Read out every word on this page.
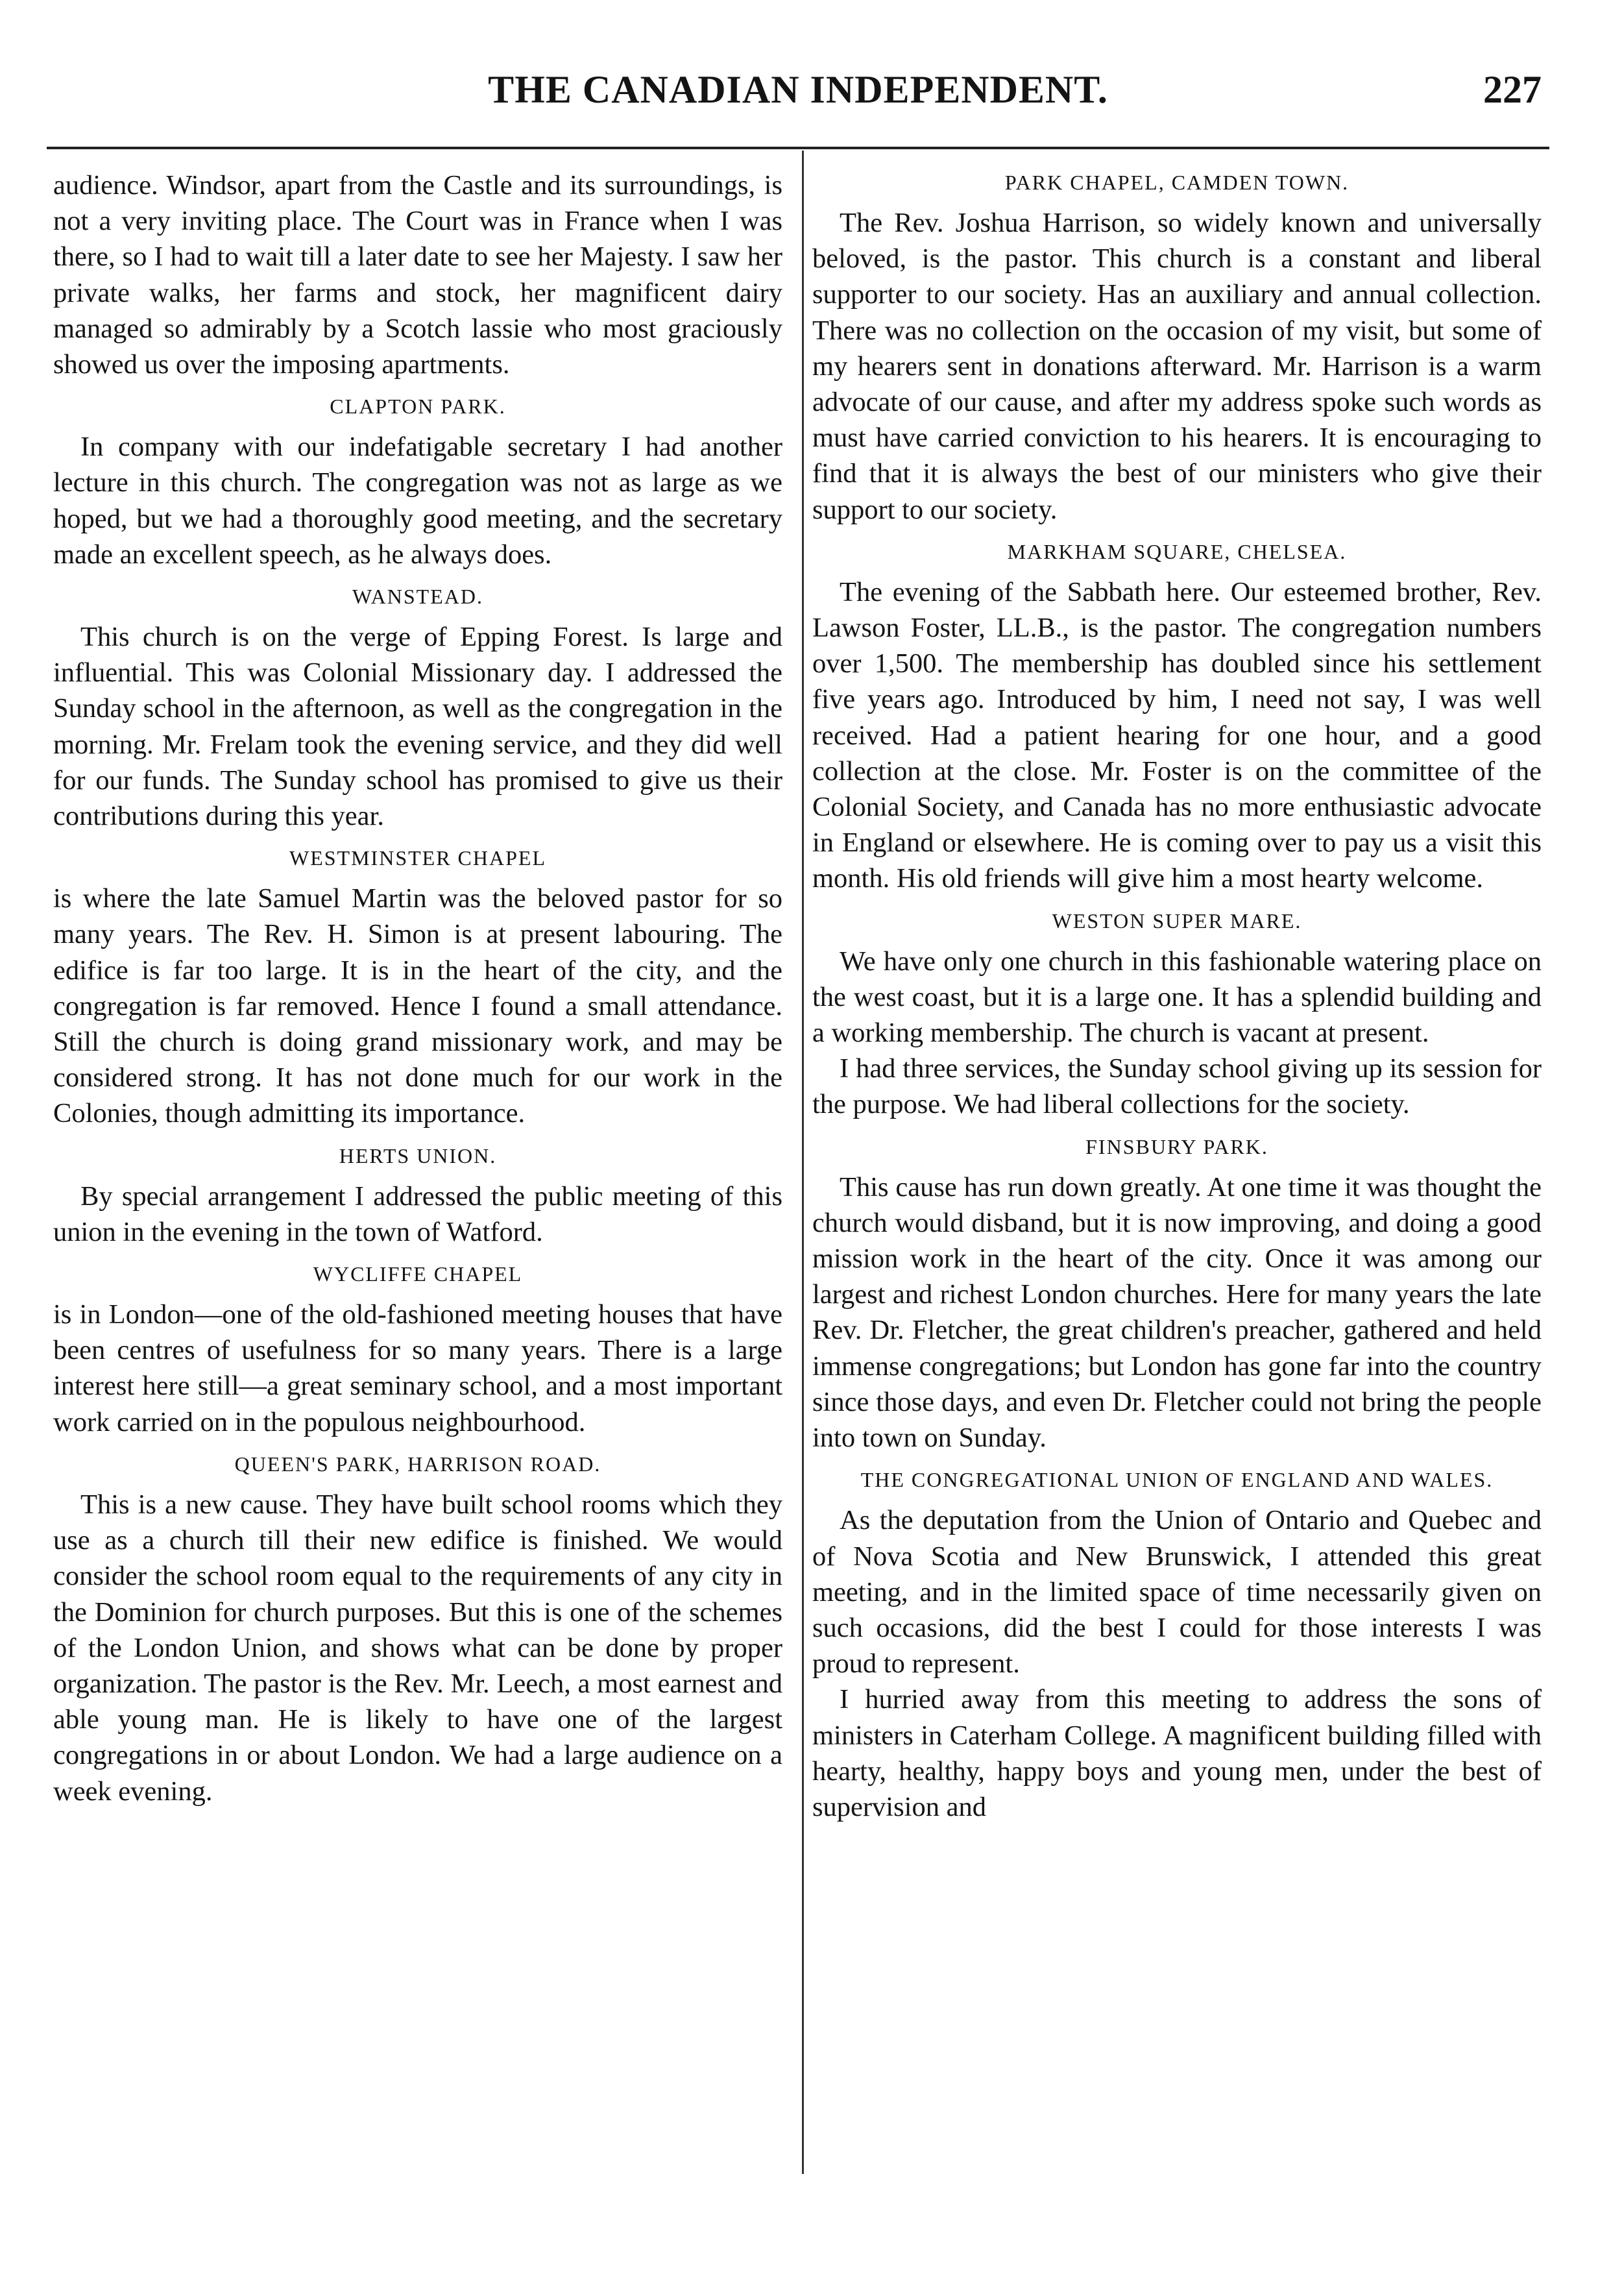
THE CANADIAN INDEPENDENT.	227

audience. Windsor, apart from the Castle and its surroundings, is not a very inviting place. The Court was in France when I was there, so I had to wait till a later date to see her Majesty. I saw her private walks, her farms and stock, her magnificent dairy managed so admirably by a Scotch lassie who most graciously showed us over the imposing apartments.

CLAPTON PARK.

In company with our indefatigable secretary I had another lecture in this church. The congregation was not as large as we hoped, but we had a thoroughly good meeting, and the secretary made an excellent speech, as he always does.

WANSTEAD.

This church is on the verge of Epping Forest. Is large and influential. This was Colonial Missionary day. I addressed the Sunday school in the afternoon, as well as the congregation in the morning. Mr. Frelam took the evening service, and they did well for our funds. The Sunday school has promised to give us their contributions during this year.

WESTMINSTER CHAPEL

is where the late Samuel Martin was the beloved pastor for so many years. The Rev. H. Simon is at present labouring. The edifice is far too large. It is in the heart of the city, and the congregation is far removed. Hence I found a small attendance. Still the church is doing grand missionary work, and may be considered strong. It has not done much for our work in the Colonies, though admitting its importance.

HERTS UNION.

By special arrangement I addressed the public meeting of this union in the evening in the town of Watford.

WYCLIFFE CHAPEL

is in London—one of the old-fashioned meeting houses that have been centres of usefulness for so many years. There is a large interest here still—a great seminary school, and a most important work carried on in the populous neighbourhood.

QUEEN'S PARK, HARRISON ROAD.

This is a new cause. They have built school rooms which they use as a church till their new edifice is finished. We would consider the school room equal to the requirements of any city in the Dominion for church purposes. But this is one of the schemes of the London Union, and shows what can be done by proper organization. The pastor is the Rev. Mr. Leech, a most earnest and able young man. He is likely to have one of the largest congregations in or about London. We had a large audience on a week evening.

PARK CHAPEL, CAMDEN TOWN.

The Rev. Joshua Harrison, so widely known and universally beloved, is the pastor. This church is a constant and liberal supporter to our society. Has an auxiliary and annual collection. There was no collection on the occasion of my visit, but some of my hearers sent in donations afterward. Mr. Harrison is a warm advocate of our cause, and after my address spoke such words as must have carried conviction to his hearers. It is encouraging to find that it is always the best of our ministers who give their support to our society.

MARKHAM SQUARE, CHELSEA.

The evening of the Sabbath here. Our esteemed brother, Rev. Lawson Foster, LL.B., is the pastor. The congregation numbers over 1,500. The membership has doubled since his settlement five years ago. Introduced by him, I need not say, I was well received. Had a patient hearing for one hour, and a good collection at the close. Mr. Foster is on the committee of the Colonial Society, and Canada has no more enthusiastic advocate in England or elsewhere. He is coming over to pay us a visit this month. His old friends will give him a most hearty welcome.

WESTON SUPER MARE.

We have only one church in this fashionable watering place on the west coast, but it is a large one. It has a splendid building and a working membership. The church is vacant at present.

I had three services, the Sunday school giving up its session for the purpose. We had liberal collections for the society.

FINSBURY PARK.

This cause has run down greatly. At one time it was thought the church would disband, but it is now improving, and doing a good mission work in the heart of the city. Once it was among our largest and richest London churches. Here for many years the late Rev. Dr. Fletcher, the great children's preacher, gathered and held immense congregations; but London has gone far into the country since those days, and even Dr. Fletcher could not bring the people into town on Sunday.

THE CONGREGATIONAL UNION OF ENGLAND AND WALES.

As the deputation from the Union of Ontario and Quebec and of Nova Scotia and New Brunswick, I attended this great meeting, and in the limited space of time necessarily given on such occasions, did the best I could for those interests I was proud to represent.

I hurried away from this meeting to address the sons of ministers in Caterham College. A magnificent building filled with hearty, healthy, happy boys and young men, under the best of supervision and
